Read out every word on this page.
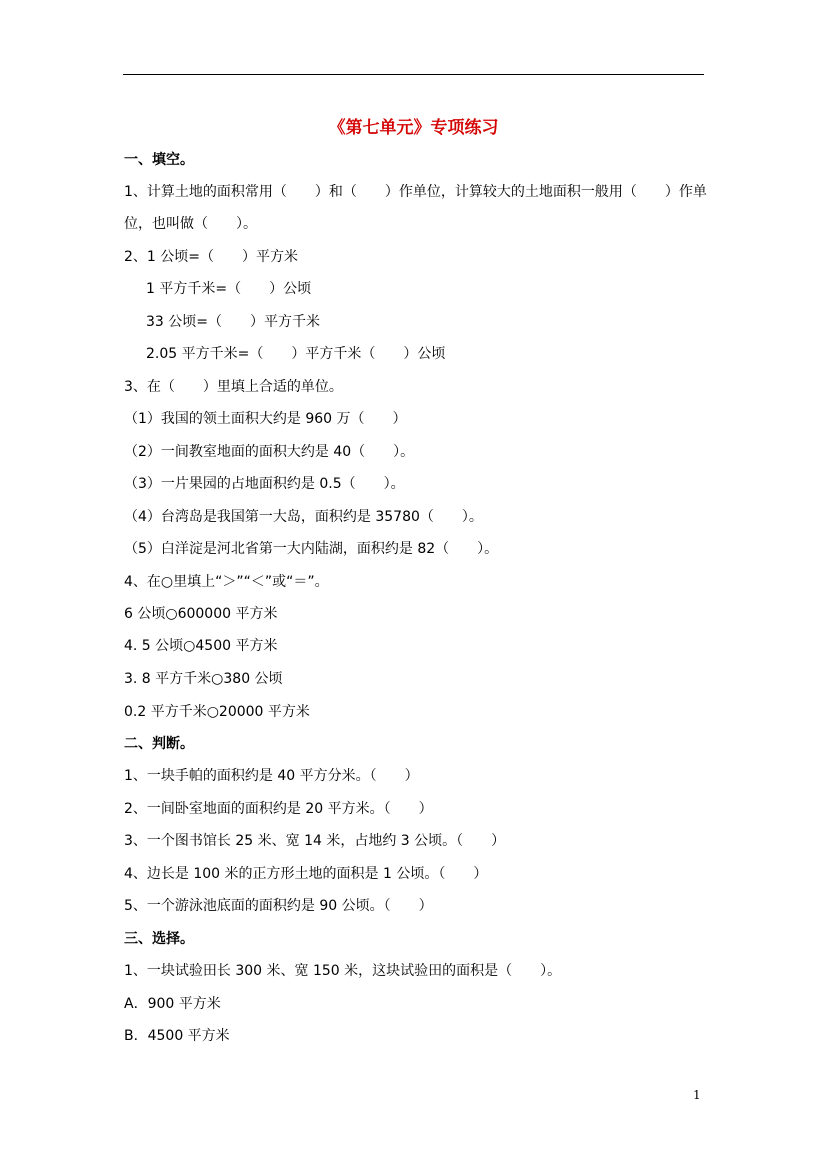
《第七单元》专项练习
一、填空。
1、计算土地的面积常用（　　）和（　　）作单位，计算较大的土地面积一般用（　　）作单
位，也叫做（　　）。
2、1 公顷=（　　）平方米
1 平方千米=（　　）公顷
33 公顷=（　　）平方千米
2.05 平方千米=（　　）平方千米（　　）公顷
3、在（　　）里填上合适的单位。
（1）我国的领土面积大约是 960 万（　　）
（2）一间教室地面的面积大约是 40（　　）。
（3）一片果园的占地面积约是 0.5（　　）。
（4）台湾岛是我国第一大岛，面积约是 35780（　　）。
（5）白洋淀是河北省第一大内陆湖，面积约是 82（　　）。
4、在○里填上“＞”“＜”或“＝”。
6 公顷○600000 平方米
4. 5 公顷○4500 平方米
3. 8 平方千米○380 公顷
0.2 平方千米○20000 平方米
二、判断。
1、一块手帕的面积约是 40 平方分米。（　　）
2、一间卧室地面的面积约是 20 平方米。（　　）
3、一个图书馆长 25 米、宽 14 米，占地约 3 公顷。（　　）
4、边长是 100 米的正方形土地的面积是 1 公顷。（　　）
5、一个游泳池底面的面积约是 90 公顷。（　　）
三、选择。
1、一块试验田长 300 米、宽 150 米，这块试验田的面积是（　　）。
A．900 平方米
B．4500 平方米
1
